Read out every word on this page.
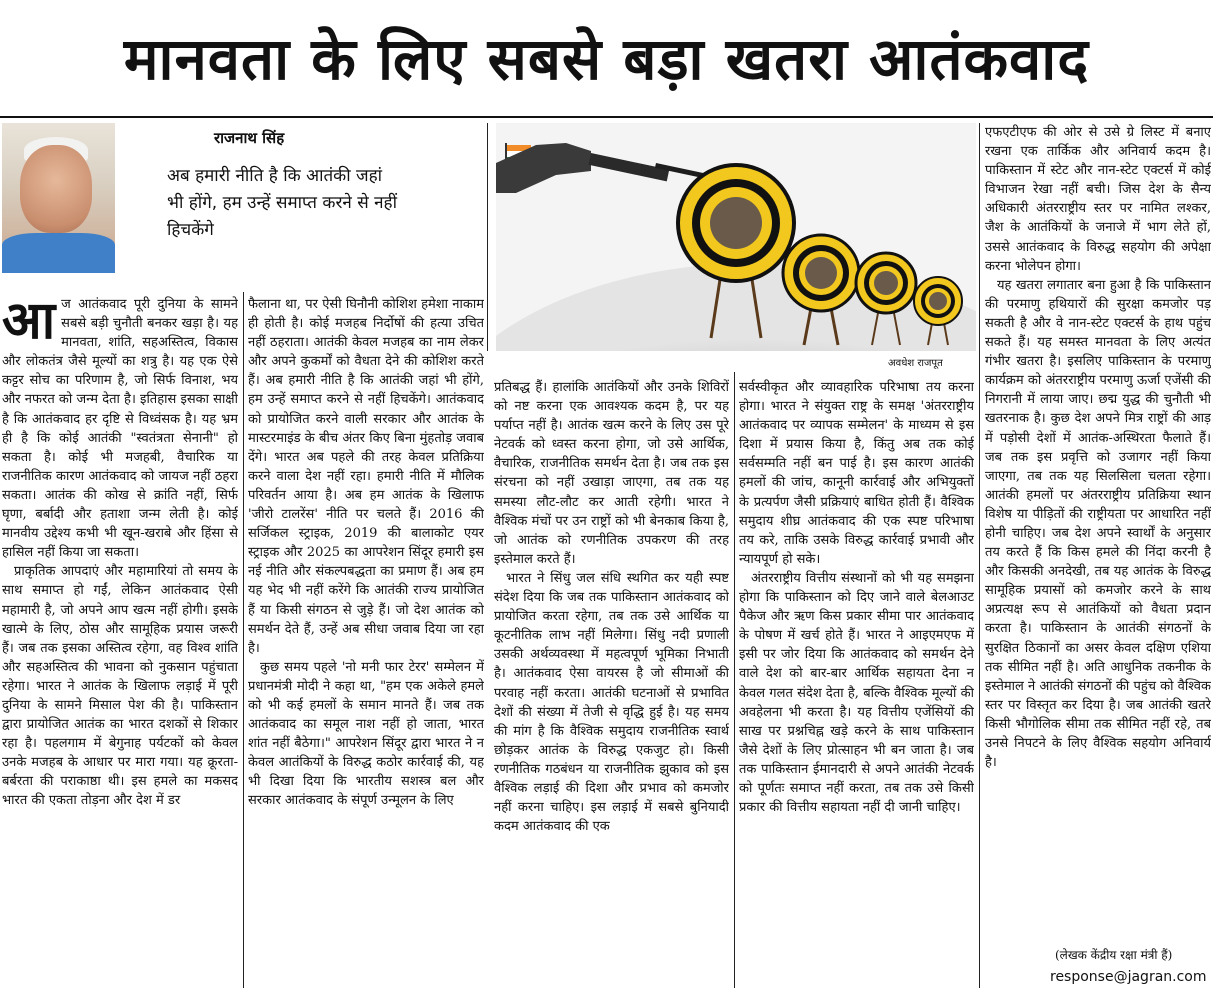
मानवता के लिए सबसे बड़ा खतरा आतंकवाद
राजनाथ सिंह
अब हमारी नीति है कि आतंकी जहां भी होंगे, हम उन्हें समाप्त करने से नहीं हिचकेंगे
अवधेश राजपूत

आज आतंकवाद पूरी दुनिया के सामने सबसे बड़ी चुनौती बनकर खड़ा है। यह मानवता, शांति, सहअस्तित्व, विकास और लोकतंत्र जैसे मूल्यों का शत्रु है। यह एक ऐसे कट्टर सोच का परिणाम है, जो सिर्फ विनाश, भय और नफरत को जन्म देता है। इतिहास इसका साक्षी है कि आतंकवाद हर दृष्टि से विध्वंसक है। यह भ्रम ही है कि कोई आतंकी "स्वतंत्रता सेनानी" हो सकता है। कोई भी मजहबी, वैचारिक या राजनीतिक कारण आतंकवाद को जायज नहीं ठहरा सकता। आतंक की कोख से क्रांति नहीं, सिर्फ घृणा, बर्बादी और हताशा जन्म लेती है। कोई मानवीय उद्देश्य कभी भी खून-खराबे और हिंसा से हासिल नहीं किया जा सकता।

प्राकृतिक आपदाएं और महामारियां तो समय के साथ समाप्त हो गईं, लेकिन आतंकवाद ऐसी महामारी है, जो अपने आप खत्म नहीं होगी। इसके खात्मे के लिए, ठोस और सामूहिक प्रयास जरूरी हैं। जब तक इसका अस्तित्व रहेगा, वह विश्व शांति और सहअस्तित्व की भावना को नुकसान पहुंचाता रहेगा। भारत ने आतंक के खिलाफ लड़ाई में पूरी दुनिया के सामने मिसाल पेश की है। पाकिस्तान द्वारा प्रायोजित आतंक का भारत दशकों से शिकार रहा है। पहलगाम में बेगुनाह पर्यटकों को केवल उनके मजहब के आधार पर मारा गया। यह क्रूरता-बर्बरता की पराकाष्ठा थी। इस हमले का मकसद भारत की एकता तोड़ना और देश में डर

फैलाना था, पर ऐसी घिनौनी कोशिश हमेशा नाकाम ही होती है। कोई मजहब निर्दोषों की हत्या उचित नहीं ठहराता। आतंकी केवल मजहब का नाम लेकर और अपने कुकर्मों को वैधता देने की कोशिश करते हैं। अब हमारी नीति है कि आतंकी जहां भी होंगे, हम उन्हें समाप्त करने से नहीं हिचकेंगे। आतंकवाद को प्रायोजित करने वाली सरकार और आतंक के मास्टरमाइंड के बीच अंतर किए बिना मुंहतोड़ जवाब देंगे। भारत अब पहले की तरह केवल प्रतिक्रिया करने वाला देश नहीं रहा। हमारी नीति में मौलिक परिवर्तन आया है। अब हम आतंक के खिलाफ 'जीरो टालरेंस' नीति पर चलते हैं। 2016 की सर्जिकल स्ट्राइक, 2019 की बालाकोट एयर स्ट्राइक और 2025 का आपरेशन सिंदूर हमारी इस नई नीति और संकल्पबद्धता का प्रमाण हैं। अब हम यह भेद भी नहीं करेंगे कि आतंकी राज्य प्रायोजित हैं या किसी संगठन से जुड़े हैं। जो देश आतंक को समर्थन देते हैं, उन्हें अब सीधा जवाब दिया जा रहा है।

कुछ समय पहले 'नो मनी फार टेरर' सम्मेलन में प्रधानमंत्री मोदी ने कहा था, "हम एक अकेले हमले को भी कई हमलों के समान मानते हैं। जब तक आतंकवाद का समूल नाश नहीं हो जाता, भारत शांत नहीं बैठेगा।" आपरेशन सिंदूर द्वारा भारत ने न केवल आतंकियों के विरुद्ध कठोर कार्रवाई की, यह भी दिखा दिया कि भारतीय सशस्त्र बल और सरकार आतंकवाद के संपूर्ण उन्मूलन के लिए

प्रतिबद्ध हैं। हालांकि आतंकियों और उनके शिविरों को नष्ट करना एक आवश्यक कदम है, पर यह पर्याप्त नहीं है। आतंक खत्म करने के लिए उस पूरे नेटवर्क को ध्वस्त करना होगा, जो उसे आर्थिक, वैचारिक, राजनीतिक समर्थन देता है। जब तक इस संरचना को नहीं उखाड़ा जाएगा, तब तक यह समस्या लौट-लौट कर आती रहेगी। भारत ने वैश्विक मंचों पर उन राष्ट्रों को भी बेनकाब किया है, जो आतंक को रणनीतिक उपकरण की तरह इस्तेमाल करते हैं।

भारत ने सिंधु जल संधि स्थगित कर यही स्पष्ट संदेश दिया कि जब तक पाकिस्तान आतंकवाद को प्रायोजित करता रहेगा, तब तक उसे आर्थिक या कूटनीतिक लाभ नहीं मिलेगा। सिंधु नदी प्रणाली उसकी अर्थव्यवस्था में महत्वपूर्ण भूमिका निभाती है। आतंकवाद ऐसा वायरस है जो सीमाओं की परवाह नहीं करता। आतंकी घटनाओं से प्रभावित देशों की संख्या में तेजी से वृद्धि हुई है। यह समय की मांग है कि वैश्विक समुदाय राजनीतिक स्वार्थ छोड़कर आतंक के विरुद्ध एकजुट हो। किसी रणनीतिक गठबंधन या राजनीतिक झुकाव को इस वैश्विक लड़ाई की दिशा और प्रभाव को कमजोर नहीं करना चाहिए। इस लड़ाई में सबसे बुनियादी कदम आतंकवाद की एक

सर्वस्वीकृत और व्यावहारिक परिभाषा तय करना होगा। भारत ने संयुक्त राष्ट्र के समक्ष 'अंतरराष्ट्रीय आतंकवाद पर व्यापक सम्मेलन' के माध्यम से इस दिशा में प्रयास किया है, किंतु अब तक कोई सर्वसम्मति नहीं बन पाई है। इस कारण आतंकी हमलों की जांच, कानूनी कार्रवाई और अभियुक्तों के प्रत्यर्पण जैसी प्रक्रियाएं बाधित होती हैं। वैश्विक समुदाय शीघ्र आतंकवाद की एक स्पष्ट परिभाषा तय करे, ताकि उसके विरुद्ध कार्रवाई प्रभावी और न्यायपूर्ण हो सके।

अंतरराष्ट्रीय वित्तीय संस्थानों को भी यह समझना होगा कि पाकिस्तान को दिए जाने वाले बेलआउट पैकेज और ऋण किस प्रकार सीमा पार आतंकवाद के पोषण में खर्च होते हैं। भारत ने आइएमएफ में इसी पर जोर दिया कि आतंकवाद को समर्थन देने वाले देश को बार-बार आर्थिक सहायता देना न केवल गलत संदेश देता है, बल्कि वैश्विक मूल्यों की अवहेलना भी करता है। यह वित्तीय एजेंसियों की साख पर प्रश्नचिह्न खड़े करने के साथ पाकिस्तान जैसे देशों के लिए प्रोत्साहन भी बन जाता है। जब तक पाकिस्तान ईमानदारी से अपने आतंकी नेटवर्क को पूर्णतः समाप्त नहीं करता, तब तक उसे किसी प्रकार की वित्तीय सहायता नहीं दी जानी चाहिए।

एफएटीएफ की ओर से उसे ग्रे लिस्ट में बनाए रखना एक तार्किक और अनिवार्य कदम है। पाकिस्तान में स्टेट और नान-स्टेट एक्टर्स में कोई विभाजन रेखा नहीं बची। जिस देश के सैन्य अधिकारी अंतरराष्ट्रीय स्तर पर नामित लश्कर, जैश के आतंकियों के जनाजे में भाग लेते हों, उससे आतंकवाद के विरुद्ध सहयोग की अपेक्षा करना भोलेपन होगा।

यह खतरा लगातार बना हुआ है कि पाकिस्तान की परमाणु हथियारों की सुरक्षा कमजोर पड़ सकती है और वे नान-स्टेट एक्टर्स के हाथ पहुंच सकते हैं। यह समस्त मानवता के लिए अत्यंत गंभीर खतरा है। इसलिए पाकिस्तान के परमाणु कार्यक्रम को अंतरराष्ट्रीय परमाणु ऊर्जा एजेंसी की निगरानी में लाया जाए। छद्म युद्ध की चुनौती भी खतरनाक है। कुछ देश अपने मित्र राष्ट्रों की आड़ में पड़ोसी देशों में आतंक-अस्थिरता फैलाते हैं। जब तक इस प्रवृत्ति को उजागर नहीं किया जाएगा, तब तक यह सिलसिला चलता रहेगा। आतंकी हमलों पर अंतरराष्ट्रीय प्रतिक्रिया स्थान विशेष या पीड़ितों की राष्ट्रीयता पर आधारित नहीं होनी चाहिए। जब देश अपने स्वार्थों के अनुसार तय करते हैं कि किस हमले की निंदा करनी है और किसकी अनदेखी, तब यह आतंक के विरुद्ध सामूहिक प्रयासों को कमजोर करने के साथ अप्रत्यक्ष रूप से आतंकियों को वैधता प्रदान करता है। पाकिस्तान के आतंकी संगठनों के सुरक्षित ठिकानों का असर केवल दक्षिण एशिया तक सीमित नहीं है। अति आधुनिक तकनीक के इस्तेमाल ने आतंकी संगठनों की पहुंच को वैश्विक स्तर पर विस्तृत कर दिया है। जब आतंकी खतरे किसी भौगोलिक सीमा तक सीमित नहीं रहे, तब उनसे निपटने के लिए वैश्विक सहयोग अनिवार्य है।

(लेखक केंद्रीय रक्षा मंत्री हैं)
response@jagran.com
